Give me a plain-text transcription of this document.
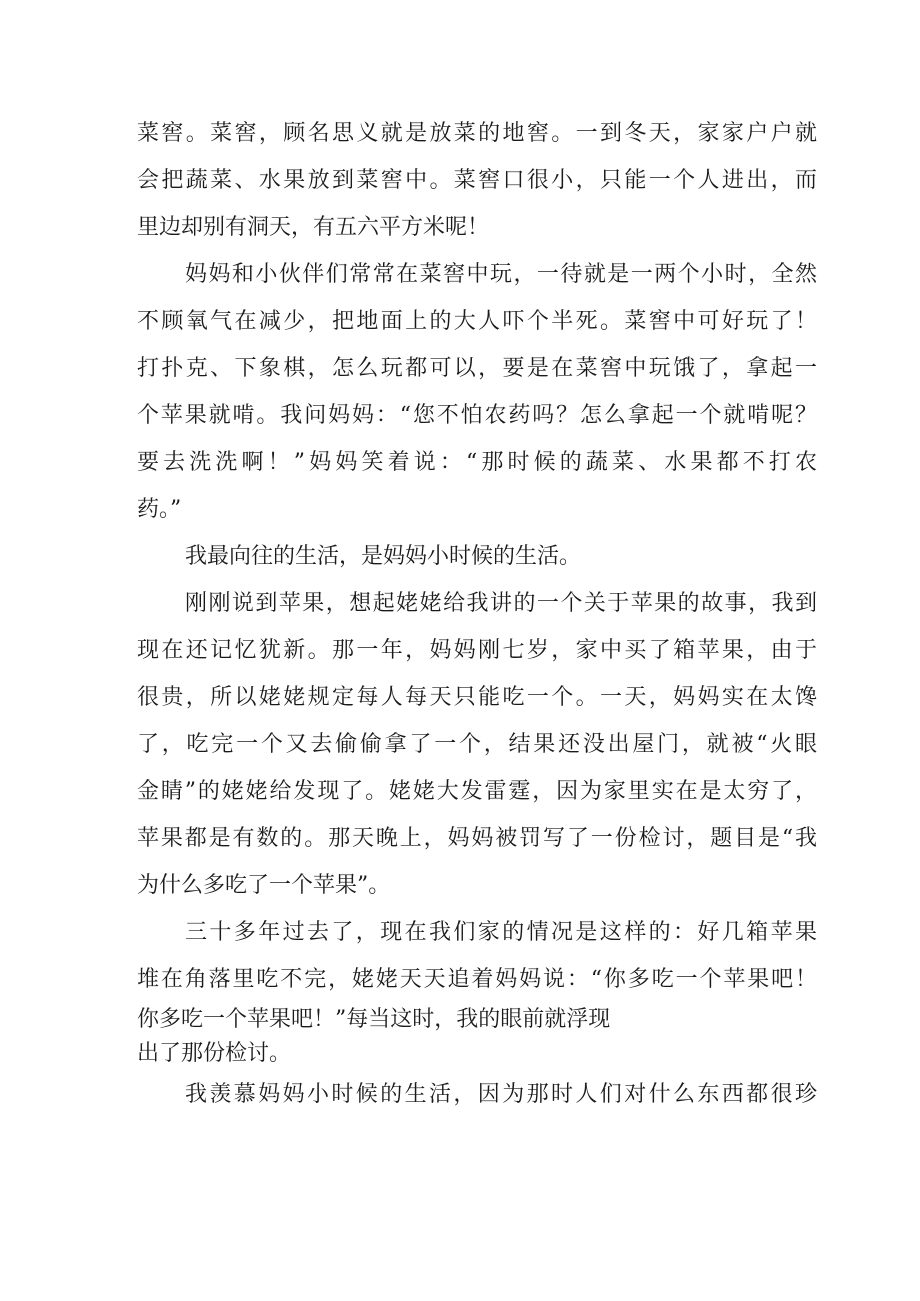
菜窖。菜窖，顾名思义就是放菜的地窖。一到冬天，家家户户就
会把蔬菜、水果放到菜窖中。菜窖口很小，只能一个人进出，而
里边却别有洞天，有五六平方米呢！
妈妈和小伙伴们常常在菜窖中玩，一待就是一两个小时，全然
不顾氧气在减少，把地面上的大人吓个半死。菜窖中可好玩了！
打扑克、下象棋，怎么玩都可以，要是在菜窖中玩饿了，拿起一
个苹果就啃。我问妈妈：“您不怕农药吗？怎么拿起一个就啃呢？
要去洗洗啊！”妈妈笑着说：“那时候的蔬菜、水果都不打农
药。”
我最向往的生活，是妈妈小时候的生活。
刚刚说到苹果，想起姥姥给我讲的一个关于苹果的故事，我到
现在还记忆犹新。那一年，妈妈刚七岁，家中买了箱苹果，由于
很贵，所以姥姥规定每人每天只能吃一个。一天，妈妈实在太馋
了，吃完一个又去偷偷拿了一个，结果还没出屋门，就被“火眼
金睛”的姥姥给发现了。姥姥大发雷霆，因为家里实在是太穷了，
苹果都是有数的。那天晚上，妈妈被罚写了一份检讨，题目是“我
为什么多吃了一个苹果”。
三十多年过去了，现在我们家的情况是这样的：好几箱苹果
堆在角落里吃不完，姥姥天天追着妈妈说：“你多吃一个苹果吧！
你多吃一个苹果吧！”每当这时，我的眼前就浮现
出了那份检讨。
我羡慕妈妈小时候的生活，因为那时人们对什么东西都很珍
